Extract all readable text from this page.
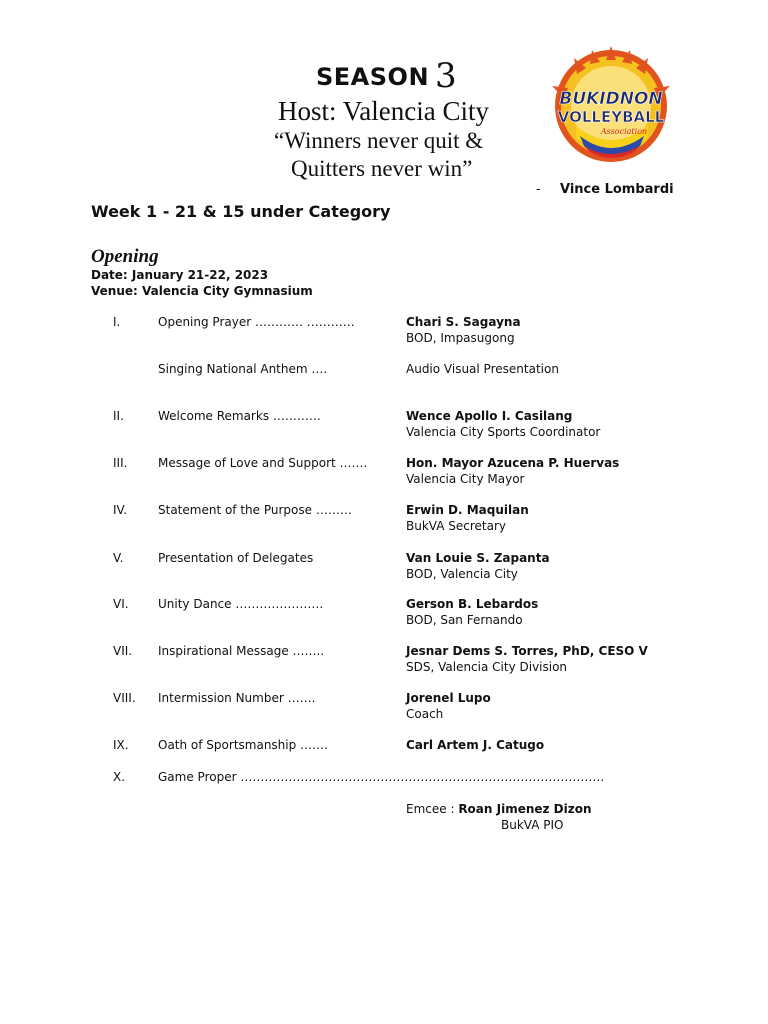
SEASON 3
Host: Valencia City
“Winners never quit &
Quitters never win”
- Vince Lombardi
BUKIDNON
VOLLEYBALL
Association
Week 1 - 21 & 15 under Category
Opening
Date: January 21-22, 2023
Venue: Valencia City Gymnasium
I.	Opening Prayer ………… …………	Chari S. Sagayna
BOD, Impasugong
Singing National Anthem ….	Audio Visual Presentation
II.	Welcome Remarks …………	Wence Apollo I. Casilang
Valencia City Sports Coordinator
III.	Message of Love and Support …….	Hon. Mayor Azucena P. Huervas
Valencia City Mayor
IV.	Statement of the Purpose ………	Erwin D. Maquilan
BukVA Secretary
V.	Presentation of Delegates	Van Louie S. Zapanta
BOD, Valencia City
VI. Unity Dance ………………….	Gerson B. Lebardos
BOD, San Fernando
VII. Inspirational Message ……..	Jesnar Dems S. Torres, PhD, CESO V
SDS, Valencia City Division
VIII. Intermission Number …….	Jorenel Lupo
Coach
IX. Oath of Sportsmanship …….	Carl Artem J. Catugo
X.	Game Proper ……………………………………………………………………………….
Emcee : Roan Jimenez Dizon
BukVA PIO
